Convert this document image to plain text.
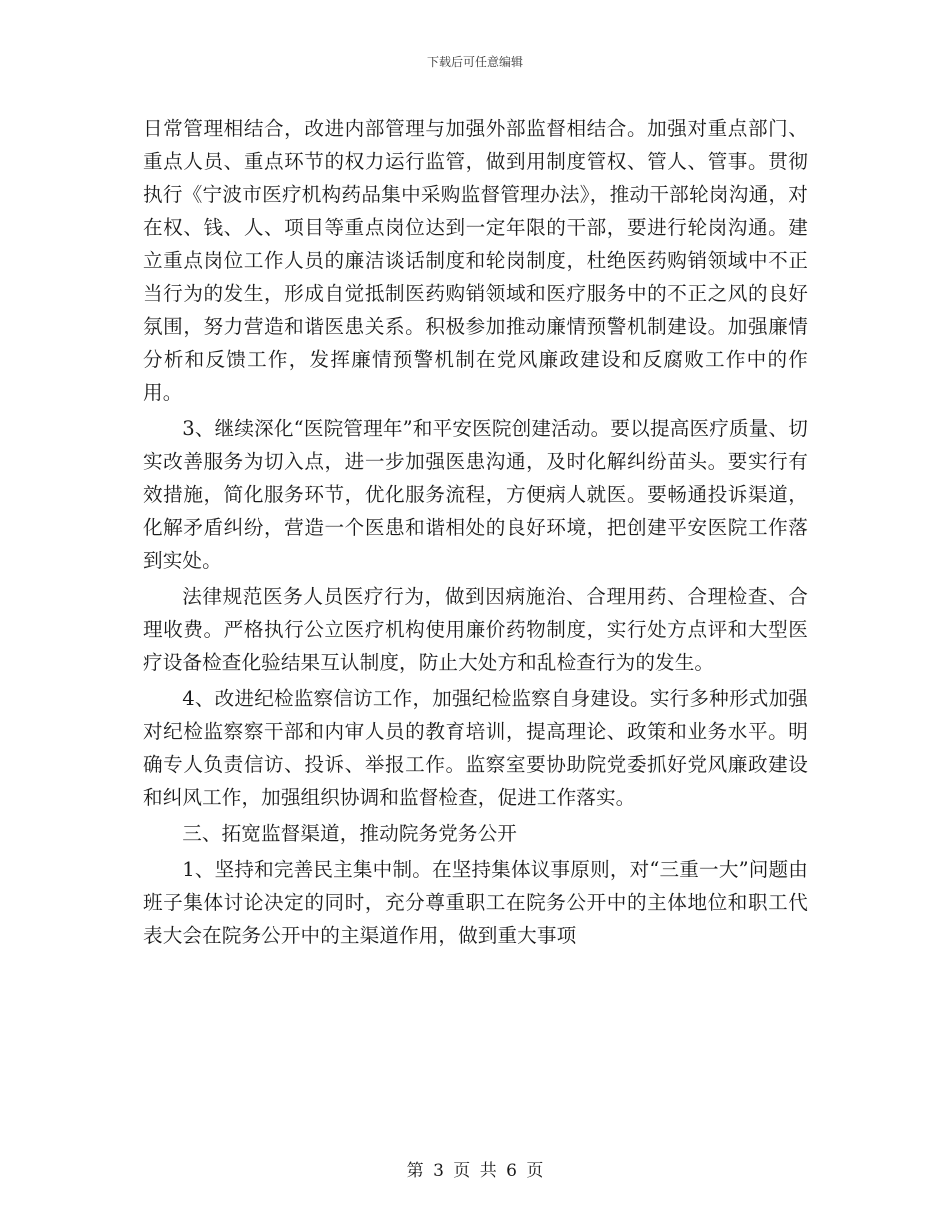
下载后可任意编辑

日常管理相结合，改进内部管理与加强外部监督相结合。加强对重点部门、重点人员、重点环节的权力运行监管，做到用制度管权、管人、管事。贯彻执行《宁波市医疗机构药品集中采购监督管理办法》，推动干部轮岗沟通，对在权、钱、人、项目等重点岗位达到一定年限的干部，要进行轮岗沟通。建立重点岗位工作人员的廉洁谈话制度和轮岗制度，杜绝医药购销领域中不正当行为的发生，形成自觉抵制医药购销领域和医疗服务中的不正之风的良好氛围，努力营造和谐医患关系。积极参加推动廉情预警机制建设。加强廉情分析和反馈工作，发挥廉情预警机制在党风廉政建设和反腐败工作中的作用。

3、继续深化“医院管理年”和平安医院创建活动。要以提高医疗质量、切实改善服务为切入点，进一步加强医患沟通，及时化解纠纷苗头。要实行有效措施，简化服务环节，优化服务流程，方便病人就医。要畅通投诉渠道，化解矛盾纠纷，营造一个医患和谐相处的良好环境，把创建平安医院工作落到实处。

法律规范医务人员医疗行为，做到因病施治、合理用药、合理检查、合理收费。严格执行公立医疗机构使用廉价药物制度，实行处方点评和大型医疗设备检查化验结果互认制度，防止大处方和乱检查行为的发生。

4、改进纪检监察信访工作，加强纪检监察自身建设。实行多种形式加强对纪检监察察干部和内审人员的教育培训，提高理论、政策和业务水平。明确专人负责信访、投诉、举报工作。监察室要协助院党委抓好党风廉政建设和纠风工作，加强组织协调和监督检查，促进工作落实。

三、拓宽监督渠道，推动院务党务公开

1、坚持和完善民主集中制。在坚持集体议事原则，对“三重一大”问题由班子集体讨论决定的同时，充分尊重职工在院务公开中的主体地位和职工代表大会在院务公开中的主渠道作用，做到重大事项

第 3 页 共 6 页
